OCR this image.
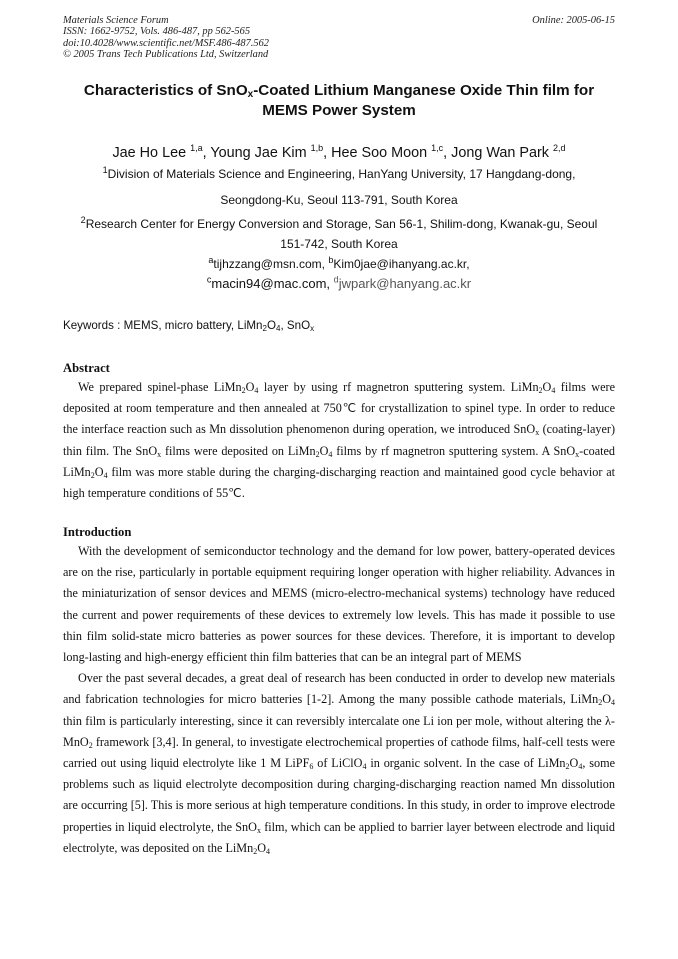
Materials Science Forum
ISSN: 1662-9752, Vols. 486-487, pp 562-565
doi:10.4028/www.scientific.net/MSF.486-487.562
© 2005 Trans Tech Publications Ltd, Switzerland
Online: 2005-06-15
Characteristics of SnO$_x$-Coated Lithium Manganese Oxide Thin film for
MEMS Power System
Jae Ho Lee $^{1,a}$, Young Jae Kim $^{1,b}$, Hee Soo Moon $^{1,c}$, Jong Wan Park $^{2,d}$
$^1$Division of Materials Science and Engineering, HanYang University, 17 Hangdang-dong,
Seongdong-Ku, Seoul 113-791, South Korea
$^2$Research Center for Energy Conversion and Storage, San 56-1, Shilim-dong, Kwanak-gu, Seoul
151-742, South Korea
$^a$tijhzzang@msn.com, $^b$Kim0jae@ihanyang.ac.kr,
$^c$macin94@mac.com, $^d$jwpark@hanyang.ac.kr
Keywords : MEMS, micro battery, $LiMn_2O_4$, SnO$_x$
Abstract

We prepared spinel-phase $LiMn_2O_4$ layer by using rf magnetron sputtering system. $LiMn_2O_4$ films were deposited at room temperature and then annealed at 750℃ for crystallization to spinel type. In order to reduce the interface reaction such as Mn dissolution phenomenon during operation, we introduced SnO$_x$ (coating-layer) thin film. The SnO$_x$ films were deposited on $LiMn_2O_4$ films by rf magnetron sputtering system. A SnO$_x$-coated $LiMn_2O_4$ film was more stable during the charging-discharging reaction and maintained good cycle behavior at high temperature conditions of 55℃.

Introduction

With the development of semiconductor technology and the demand for low power, battery-operated devices are on the rise, particularly in portable equipment requiring longer operation with higher reliability. Advances in the miniaturization of sensor devices and MEMS (micro-electro-mechanical systems) technology have reduced the current and power requirements of these devices to extremely low levels. This has made it possible to use thin film solid-state micro batteries as power sources for these devices. Therefore, it is important to develop long-lasting and high-energy efficient thin film batteries that can be an integral part of MEMS

Over the past several decades, a great deal of research has been conducted in order to develop new materials and fabrication technologies for micro batteries [1-2]. Among the many possible cathode materials, $LiMn_2O_4$ thin film is particularly interesting, since it can reversibly intercalate one Li ion per mole, without altering the λ-MnO$_2$ framework [3,4]. In general, to investigate electrochemical properties of cathode films, half-cell tests were carried out using liquid electrolyte like 1 M LiPF$_6$ of LiClO$_4$ in organic solvent. In the case of $LiMn_2O_4$, some problems such as liquid electrolyte decomposition during charging-discharging reaction named Mn dissolution are occurring [5]. This is more serious at high temperature conditions. In this study, in order to improve electrode properties in liquid electrolyte, the SnO$_x$ film, which can be applied to barrier layer between electrode and liquid electrolyte, was deposited on the $LiMn_2O_4$
